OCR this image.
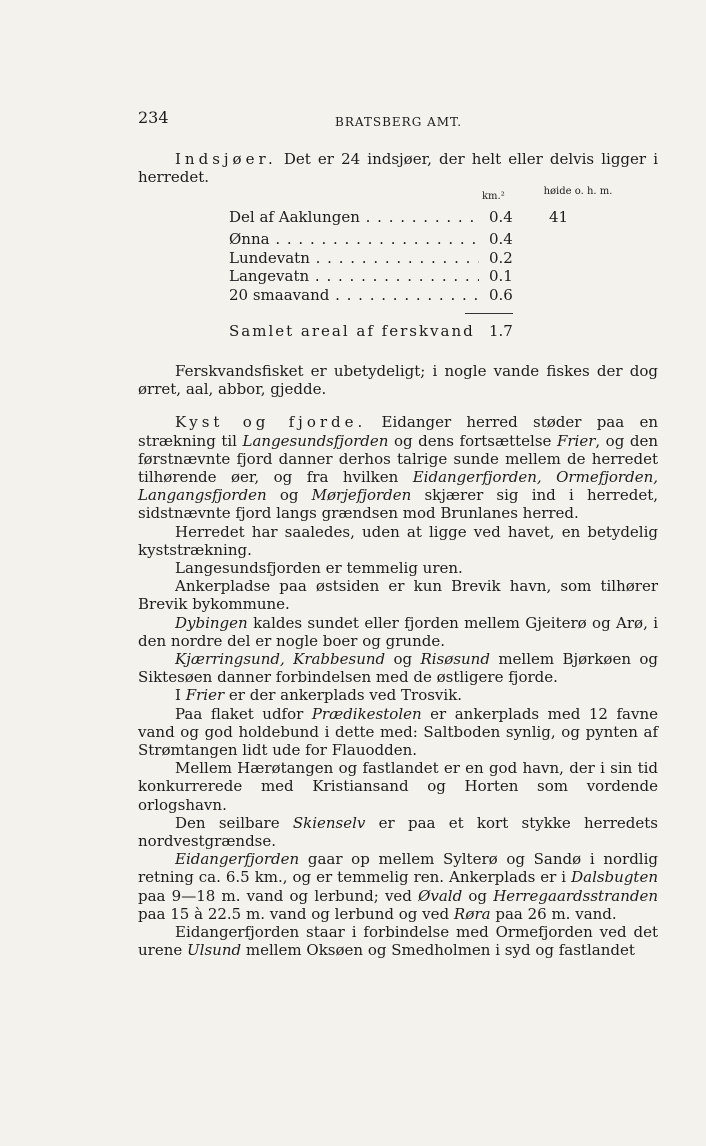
234	BRATSBERG AMT.

Indsjøer. Det er 24 indsjøer, der helt eller delvis ligger i herredet.

km.²	høide o. h. m.
Del af Aaklungen . . .	0.4	41
Ønna . . .	0.4
Lundevatn . . .	0.2
Langevatn . . .	0.1
20 smaavand . . .	0.6
Samlet areal af ferskvand 1.7

Ferskvandsfisket er ubetydeligt; i nogle vande fiskes der dog ørret, aal, abbor, gjedde.

Kyst og fjorde. Eidanger herred støder paa en strækning til Langesundsfjorden og dens fortsættelse Frier, og den førstnævnte fjord danner derhos talrige sunde mellem de herredet tilhørende øer, og fra hvilken Eidangerfjorden, Ormefjorden, Langangsfjorden og Mørjefjorden skjærer sig ind i herredet, sidstnævnte fjord langs grændsen mod Brunlanes herred.

Herredet har saaledes, uden at ligge ved havet, en betydelig kyststrækning.

Langesundsfjorden er temmelig uren.

Ankerpladse paa østsiden er kun Brevik havn, som tilhører Brevik bykommune.

Dybingen kaldes sundet eller fjorden mellem Gjeiterø og Arø, i den nordre del er nogle boer og grunde.

Kjærringsund, Krabbesund og Risøsund mellem Bjørkøen og Siktesøen danner forbindelsen med de østligere fjorde.

I Frier er der ankerplads ved Trosvik.

Paa flaket udfor Prædikestolen er ankerplads med 12 favne vand og god holdebund i dette med: Saltboden synlig, og pynten af Strømtangen lidt ude for Flauodden.

Mellem Hærøtangen og fastlandet er en god havn, der i sin tid konkurrerede med Kristiansand og Horten som vordende orlogshavn.

Den seilbare Skienselv er paa et kort stykke herredets nordvestgrændse.

Eidangerfjorden gaar op mellem Sylterø og Sandø i nordlig retning ca. 6.5 km., og er temmelig ren. Ankerplads er i Dalsbugten paa 9—18 m. vand og lerbund; ved Øvald og Herregaardsstranden paa 15 à 22.5 m. vand og lerbund og ved Røra paa 26 m. vand.

Eidangerfjorden staar i forbindelse med Ormefjorden ved det urene Ulsund mellem Oksøen og Smedholmen i syd og fastlandet
